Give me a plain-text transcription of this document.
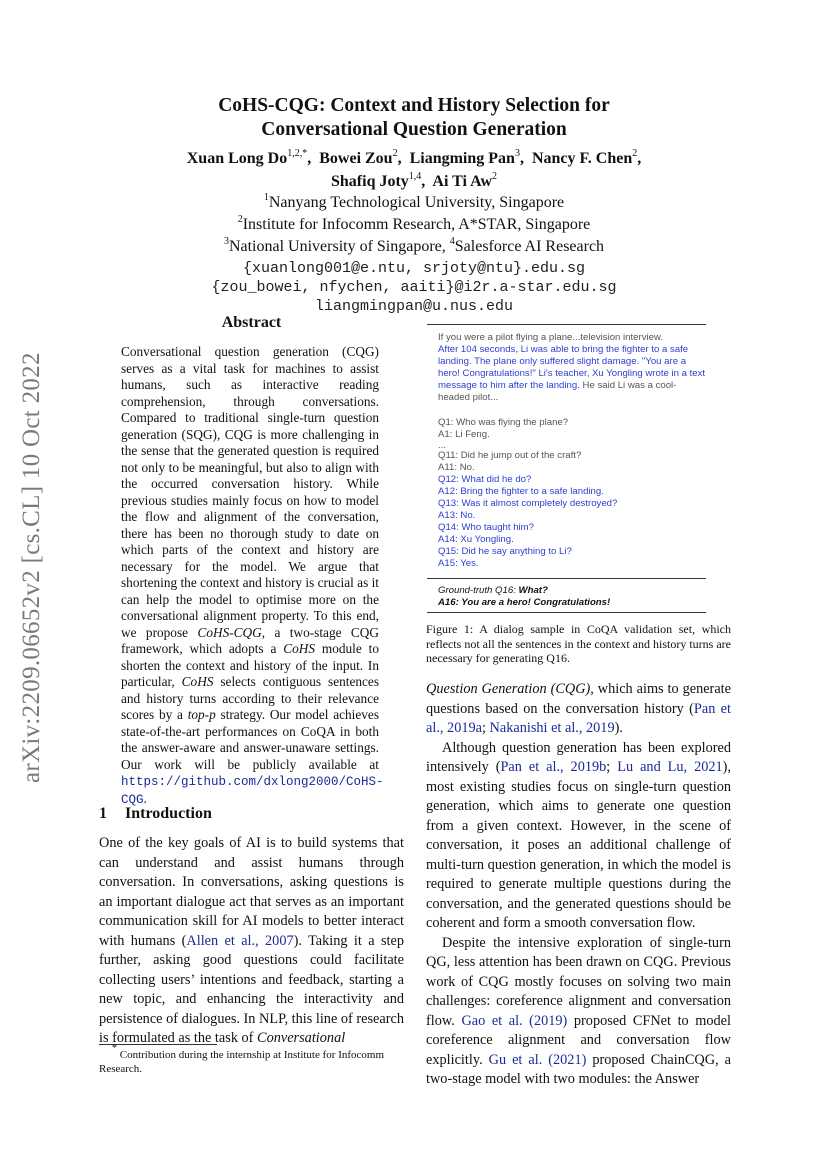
arXiv:2209.06652v2 [cs.CL] 10 Oct 2022
CoHS-CQG: Context and History Selection for
Conversational Question Generation
Xuan Long $Do^{1,2,*}$,  Bowei Zou$^2$,  Liangming Pan$^3$,  Nancy F. Chen$^2$,
Shafiq Joty$^{1,4}$,  Ai Ti Aw$^2$
$^1$Nanyang Technological University, Singapore
$^2$Institute for Infocomm Research, A*STAR, Singapore
$^3$National University of Singapore, $^4$Salesforce AI Research
{xuanlong001@e.ntu, srjoty@ntu}.edu.sg
{zou_bowei, nfychen, aaiti}@i2r.a-star.edu.sg
liangmingpan@u.nus.edu
Abstract
Conversational question generation (CQG) serves as a vital task for machines to assist humans, such as interactive reading comprehension, through conversations. Compared to traditional single-turn question generation (SQG), CQG is more challenging in the sense that the generated question is required not only to be meaningful, but also to align with the occurred conversation history. While previous studies mainly focus on how to model the flow and alignment of the conversation, there has been no thorough study to date on which parts of the context and history are necessary for the model. We argue that shortening the context and history is crucial as it can help the model to optimise more on the conversational alignment property. To this end, we propose CoHS-CQG, a two-stage CQG framework, which adopts a CoHS module to shorten the context and history of the input. In particular, CoHS selects contiguous sentences and history turns according to their relevance scores by a top-p strategy. Our model achieves state-of-the-art performances on CoQA in both the answer-aware and answer-unaware settings. Our work will be publicly available at https://github.com/dxlong2000/CoHS-CQG.
1 Introduction
One of the key goals of AI is to build systems that can understand and assist humans through conversation. In conversations, asking questions is an important dialogue act that serves as an important communication skill for AI models to better interact with humans (Allen et al., 2007). Taking it a step further, asking good questions could facilitate collecting users’ intentions and feedback, starting a new topic, and enhancing the interactivity and persistence of dialogues. In NLP, this line of research is formulated as the task of Conversational
* Contribution during the internship at Institute for Infocomm Research.
If you were a pilot flying a plane...television interview.
After 104 seconds, Li was able to bring the fighter to a safe landing. The plane only suffered slight damage. "You are a hero! Congratulations!" Li's teacher, Xu Yongling wrote in a text message to him after the landing. He said Li was a cool-headed pilot...
Q1: Who was flying the plane?
A1: Li Feng.
...
Q11: Did he jump out of the craft?
A11: No.
Q12: What did he do?
A12: Bring the fighter to a safe landing.
Q13: Was it almost completely destroyed?
A13: No.
Q14: Who taught him?
A14: Xu Yongling.
Q15: Did he say anything to Li?
A15: Yes.
Ground-truth Q16: What?
A16: You are a hero! Congratulations!
Figure 1: A dialog sample in CoQA validation set, which reflects not all the sentences in the context and history turns are necessary for generating Q16.

Question Generation (CQG), which aims to generate questions based on the conversation history (Pan et al., 2019a; Nakanishi et al., 2019).

Although question generation has been explored intensively (Pan et al., 2019b; Lu and Lu, 2021), most existing studies focus on single-turn question generation, which aims to generate one question from a given context. However, in the scene of conversation, it poses an additional challenge of multi-turn question generation, in which the model is required to generate multiple questions during the conversation, and the generated questions should be coherent and form a smooth conversation flow.

Despite the intensive exploration of single-turn QG, less attention has been drawn on CQG. Previous work of CQG mostly focuses on solving two main challenges: coreference alignment and conversation flow. Gao et al. (2019) proposed CFNet to model coreference alignment and conversation flow explicitly. Gu et al. (2021) proposed ChainCQG, a two-stage model with two modules: the Answer
